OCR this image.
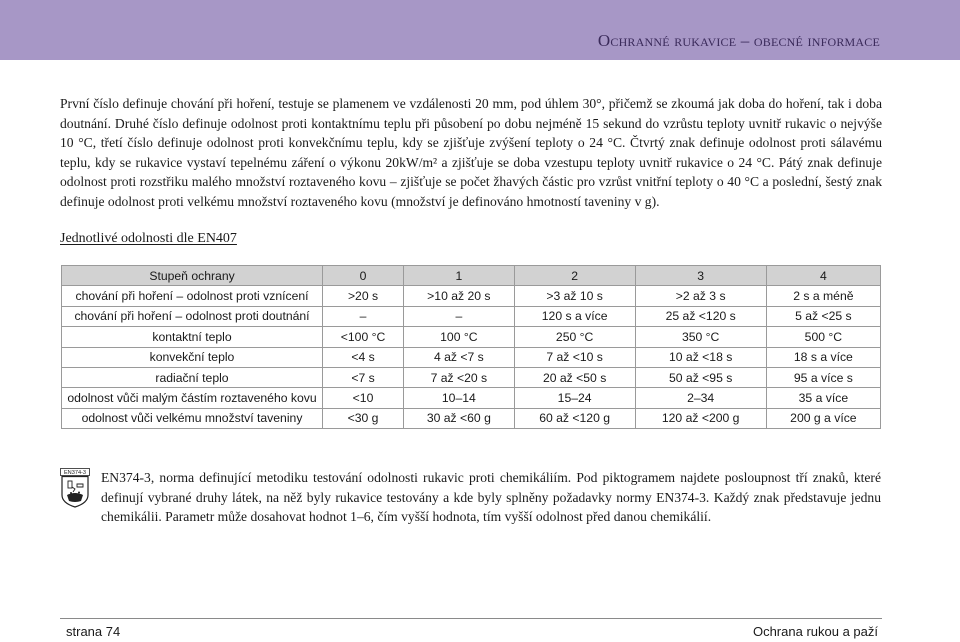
Ochranné rukavice – obecné informace

První číslo definuje chování při hoření, testuje se plamenem ve vzdálenosti 20 mm, pod úhlem 30°, přičemž se zkoumá jak doba do hoření, tak i doba doutnání. Druhé číslo definuje odolnost proti kontaktnímu teplu při působení po dobu nejméně 15 sekund do vzrůstu teploty uvnitř rukavic o nejvýše 10 °C, třetí číslo definuje odolnost proti konvekčnímu teplu, kdy se zjišťuje zvýšení teploty o 24 °C. Čtvrtý znak definuje odolnost proti sálavému teplu, kdy se rukavice vystaví tepelnému záření o výkonu 20kW/m² a zjišťuje se doba vzestupu teploty uvnitř rukavice o 24 °C. Pátý znak definuje odolnost proti rozstřiku malého množství roztaveného kovu – zjišťuje se počet žhavých částic pro vzrůst vnitřní teploty o 40 °C a poslední, šestý znak definuje odolnost proti velkému množství roztaveného kovu (množství je definováno hmotností taveniny v g).

Jednotlivé odolnosti dle EN407
Stupeň ochrany	0	1	2	3	4
chování při hoření – odolnost proti vznícení	>20 s	>10 až 20 s	>3 až 10 s	>2 až 3 s	2 s a méně
chování při hoření – odolnost proti doutnání	–	–	120 s a více	25 až <120 s	5 až <25 s
kontaktní teplo	<100 °C	100 °C	250 °C	350 °C	500 °C
konvekční teplo	<4 s	4 až <7 s	7 až <10 s	10 až <18 s	18 s a více
radiační teplo	<7 s	7 až <20 s	20 až <50 s	50 až <95 s	95 a více s
odolnost vůči malým částím roztaveného kovu	<10	10–14	15–24	2–34	35 a více
odolnost vůči velkému množství taveniny	<30 g	30 až <60 g	60 až <120 g	120 až <200 g	200 g a více
EN374-3 EN374-3, norma definující metodiku testování odolnosti rukavic proti chemikáliím. Pod piktogramem najdete posloupnost tří znaků, které definují vybrané druhy látek, na něž byly rukavice testovány a kde byly splněny požadavky normy EN374-3. Každý znak představuje jednu chemikálii. Parametr může dosahovat hodnot 1–6, čím vyšší hodnota, tím vyšší odolnost před danou chemikálií.

strana 74	Ochrana rukou a paží
